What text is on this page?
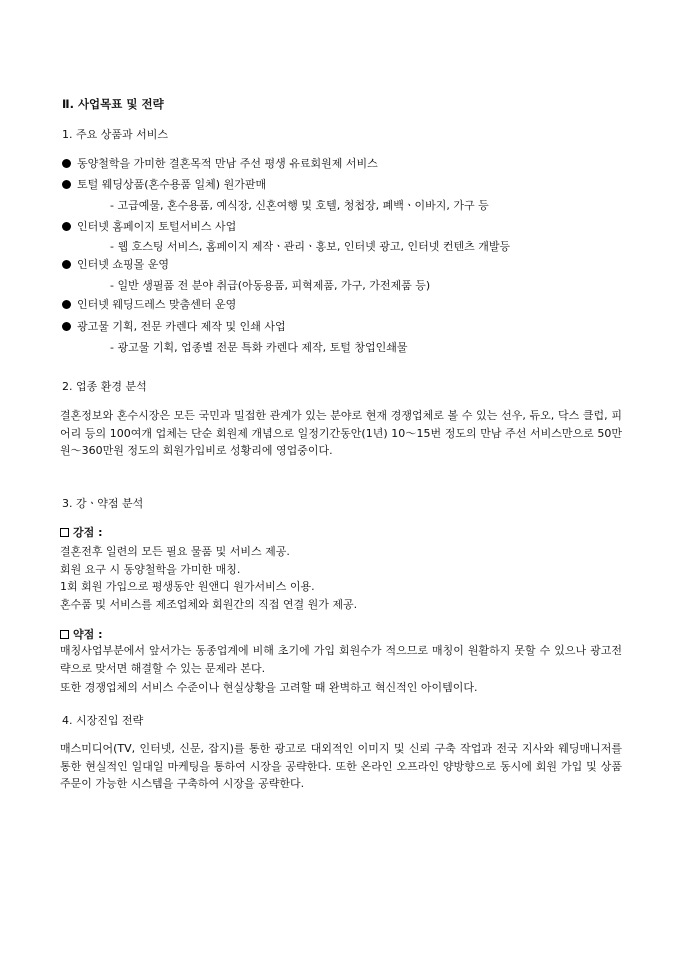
Ⅱ. 사업목표 및 전략
1. 주요 상품과 서비스
동양철학을 가미한 결혼목적 만남 주선 평생 유료회원제 서비스
토털 웨딩상품(혼수용품 일체) 원가판매
- 고급예물, 혼수용품, 예식장, 신혼여행 및 호텔, 청첩장, 폐백ㆍ이바지, 가구 등
인터넷 홈페이지 토털서비스 사업
- 웹 호스팅 서비스, 홈페이지 제작ㆍ관리ㆍ홍보, 인터넷 광고, 인터넷 컨텐츠 개발등
인터넷 쇼핑몰 운영
- 일반 생필품 전 분야 취급(아동용품, 피혁제품, 가구, 가전제품 등)
인터넷 웨딩드레스 맞춤센터 운영
광고물 기획, 전문 카렌다 제작 및 인쇄 사업
- 광고물 기획, 업종별 전문 특화 카렌다 제작, 토털 창업인쇄물
2. 업종 환경 분석
결혼정보와 혼수시장은 모든 국민과 밀접한 관계가 있는 분야로 현재 경쟁업체로 볼 수 있는 선우, 듀오, 닥스 클럽, 피어리 등의 100여개 업체는 단순 회원제 개념으로 일정기간동안(1년) 10～15번 정도의 만남 주선 서비스만으로 50만원～360만원 정도의 회원가입비로 성황리에 영업중이다.
3. 강ㆍ약점 분석
강점 :
결혼전후 일련의 모든 필요 물품 및 서비스 제공.
회원 요구 시 동양철학을 가미한 매칭.
1회 회원 가입으로 평생동안 원앤디 원가서비스 이용.
혼수품 및 서비스를 제조업체와 회원간의 직접 연결 원가 제공.
약점 :
매칭사업부분에서 앞서가는 동종업계에 비해 초기에 가입 회원수가 적으므로 매칭이 원활하지 못할 수 있으나 광고전략으로 맞서면 해결할 수 있는 문제라 본다.
또한 경쟁업체의 서비스 수준이나 현실상황을 고려할 때 완벽하고 혁신적인 아이템이다.
4. 시장진입 전략
매스미디어(TV, 인터넷, 신문, 잡지)를 통한 광고로 대외적인 이미지 및 신뢰 구축 작업과 전국 지사와 웨딩매니저를 통한 현실적인 일대일 마케팅을 통하여 시장을 공략한다. 또한 온라인 오프라인 양방향으로 동시에 회원 가입 및 상품 주문이 가능한 시스템을 구축하여 시장을 공략한다.
